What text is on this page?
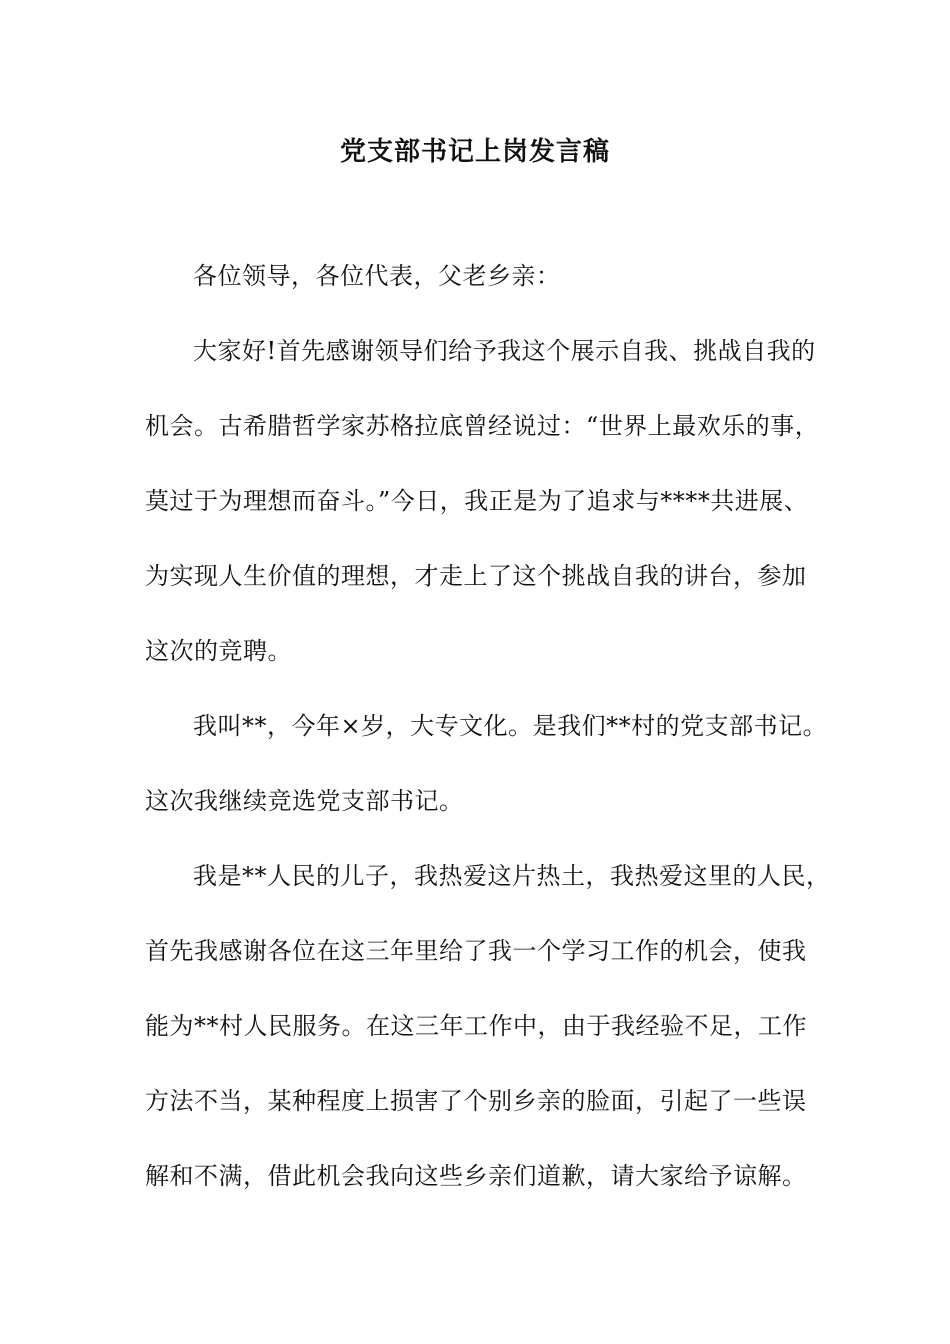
党支部书记上岗发言稿
各位领导，各位代表，父老乡亲：
大家好!首先感谢领导们给予我这个展示自我、挑战自我的
机会。古希腊哲学家苏格拉底曾经说过：“世界上最欢乐的事，
莫过于为理想而奋斗。”今日，我正是为了追求与****共进展、
为实现人生价值的理想，才走上了这个挑战自我的讲台，参加
这次的竞聘。
我叫**，今年×岁，大专文化。是我们**村的党支部书记。
这次我继续竞选党支部书记。
我是**人民的儿子，我热爱这片热土，我热爱这里的人民，
首先我感谢各位在这三年里给了我一个学习工作的机会，使我
能为**村人民服务。在这三年工作中，由于我经验不足，工作
方法不当，某种程度上损害了个别乡亲的脸面，引起了一些误
解和不满，借此机会我向这些乡亲们道歉，请大家给予谅解。
